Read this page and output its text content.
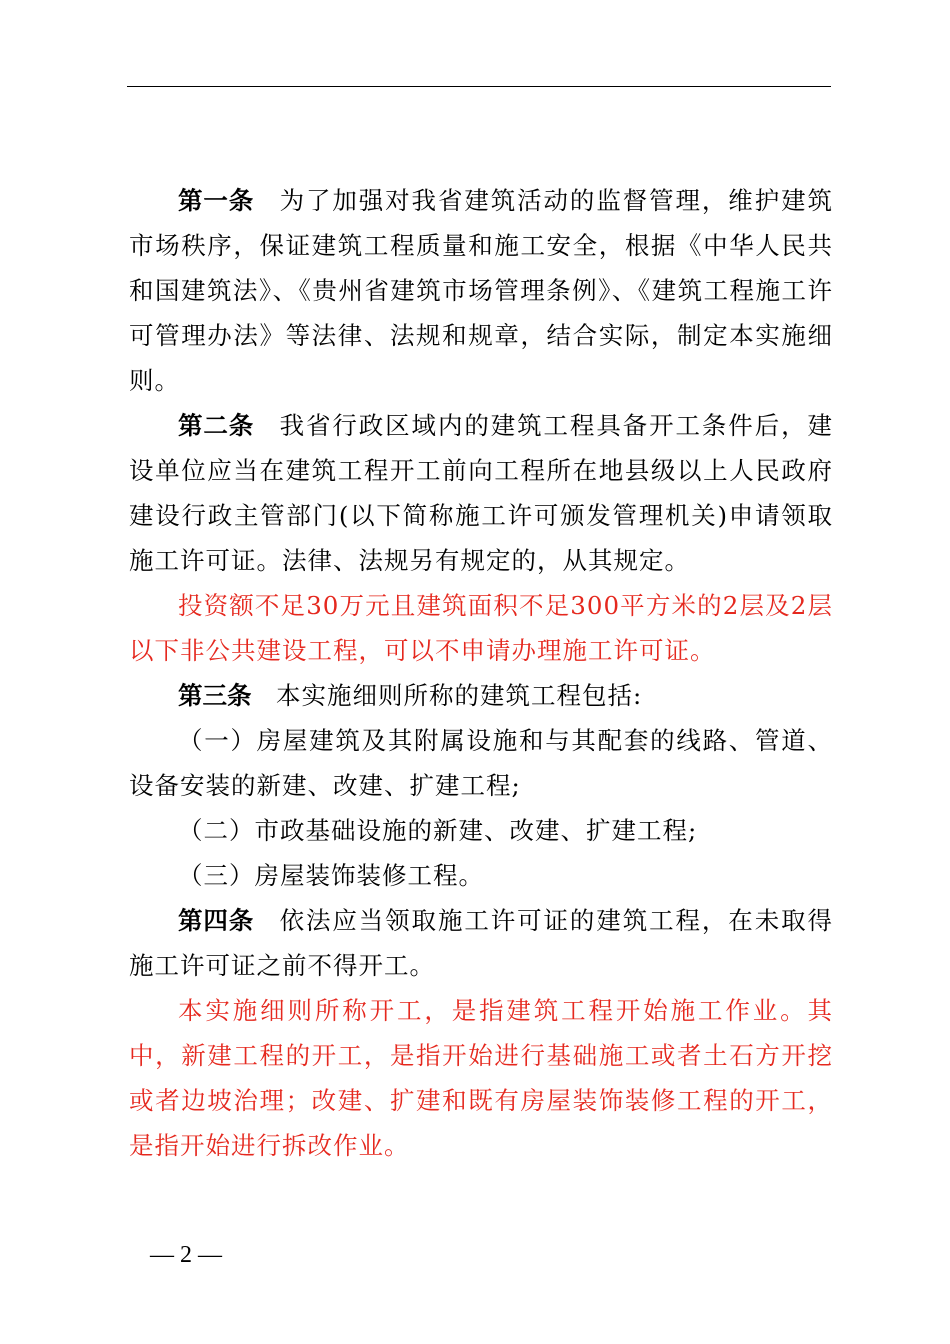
第一条 为了加强对我省建筑活动的监督管理，维护建筑市场秩序，保证建筑工程质量和施工安全，根据《中华人民共和国建筑法》、《贵州省建筑市场管理条例》、《建筑工程施工许可管理办法》等法律、法规和规章，结合实际，制定本实施细则。

第二条 我省行政区域内的建筑工程具备开工条件后，建设单位应当在建筑工程开工前向工程所在地县级以上人民政府建设行政主管部门(以下简称施工许可颁发管理机关)申请领取施工许可证。法律、法规另有规定的，从其规定。

投资额不足30万元且建筑面积不足300平方米的2层及2层以下非公共建设工程，可以不申请办理施工许可证。

第三条 本实施细则所称的建筑工程包括:

（一）房屋建筑及其附属设施和与其配套的线路、管道、设备安装的新建、改建、扩建工程;

（二）市政基础设施的新建、改建、扩建工程;

（三）房屋装饰装修工程。

第四条 依法应当领取施工许可证的建筑工程，在未取得施工许可证之前不得开工。

本实施细则所称开工，是指建筑工程开始施工作业。其中，新建工程的开工，是指开始进行基础施工或者土石方开挖或者边坡治理；改建、扩建和既有房屋装饰装修工程的开工，是指开始进行拆改作业。

— 2 —
